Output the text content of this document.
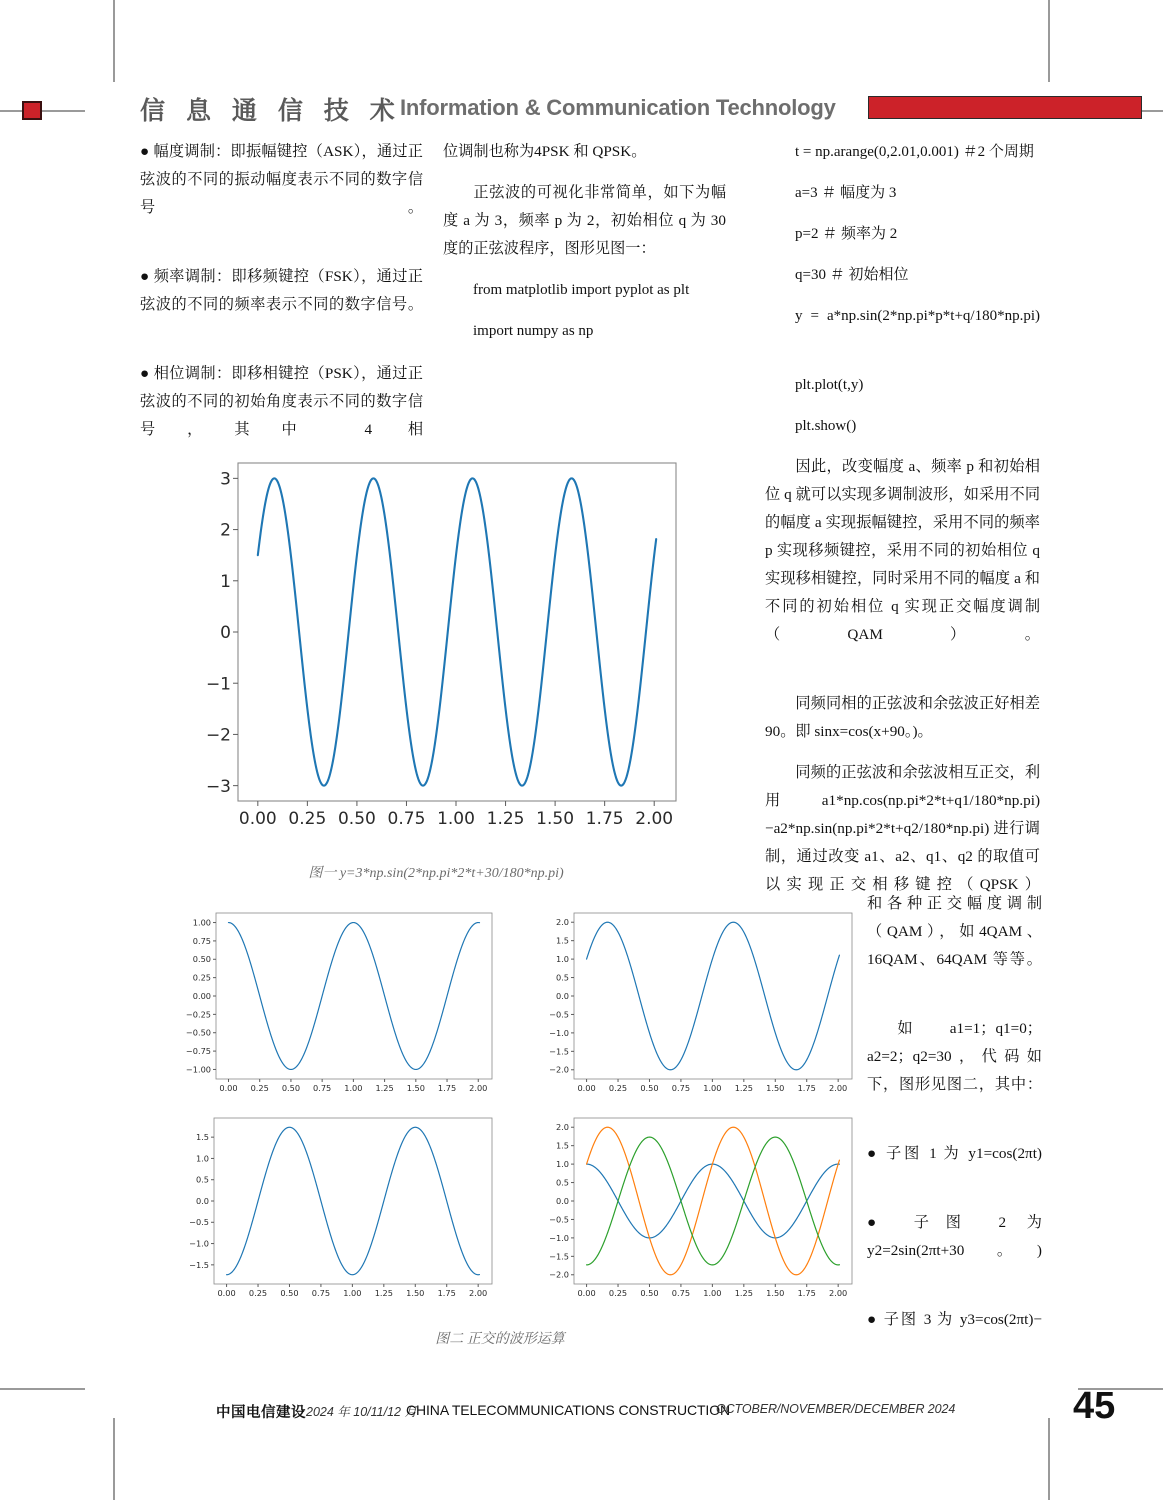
信 息 通 信 技 术
Information & Communication Technology

● 幅度调制：即振幅键控（ASK），通过正弦波的不同的振动幅度表示不同的数字信号。

● 频率调制：即移频键控（FSK），通过正弦波的不同的频率表示不同的数字信号。

● 相位调制：即移相键控（PSK），通过正弦波的不同的初始角度表示不同的数字信号，其中 4 相

位调制也称为4PSK 和 QPSK。

正弦波的可视化非常简单，如下为幅度 a 为 3，频率 p 为 2，初始相位 q 为 30 度的正弦波程序，图形见图一：

from matplotlib import pyplot as plt

import numpy as np

t = np.arange(0,2.01,0.001) ＃2 个周期

a=3 ＃ 幅度为 3

p=2 ＃ 频率为 2

q=30 ＃ 初始相位

y = a*np.sin(2*np.pi*p*t+q/180*np.pi)

plt.plot(t,y)

plt.show()

因此，改变幅度 a、频率 p 和初始相位 q 就可以实现多调制波形，如采用不同的幅度 a 实现振幅键控，采用不同的频率 p 实现移频键控，采用不同的初始相位 q 实现移相键控，同时采用不同的幅度 a 和不同的初始相位 q 实现正交幅度调制（QAM）。

同频同相的正弦波和余弦波正好相差 90。即 sinx=cos(x+90。)。

同频的正弦波和余弦波相互正交，利用 a1*np.cos(np.pi*2*t+q1/180*np.pi)−a2*np.sin(np.pi*2*t+q2/180*np.pi) 进行调制，通过改变 a1、a2、q1、q2 的取值可以实现正交相移键控（QPSK）

和各种正交幅度调制（QAM），如4QAM、16QAM、64QAM 等等。

如 a1=1；q1=0；a2=2；q2=30，代码如下，图形见图二，其中：

● 子图 1 为 y1=cos(2πt)

● 子图 2 为 y2=2sin(2πt+30。)

● 子图 3 为 y3=cos(2πt)−

0.00 0.25 0.50 0.75 1.00 1.25 1.50 1.75 2.00
3
2
1
0
−1
−2
−3
图一 y=3*np.sin(2*np.pi*2*t+30/180*np.pi)
0.00 0.25 0.50 0.75 1.00 1.25 1.50 1.75 2.00
1.00
0.75
0.50
0.25
0.00
−0.25
−0.50
−0.75
−1.00
0.00 0.25 0.50 0.75 1.00 1.25 1.50 1.75 2.00
2.0
1.5
1.0
0.5
0.0
−0.5
−1.0
−1.5
−2.0
0.00 0.25 0.50 0.75 1.00 1.25 1.50 1.75 2.00
1.5
1.0
0.5
0.0
−0.5
−1.0
−1.5
0.00 0.25 0.50 0.75 1.00 1.25 1.50 1.75 2.00
2.0
1.5
1.0
0.5
0.0
−0.5
−1.0
−1.5
−2.0
图二 正交的波形运算
中国电信建设 2024 年 10/11/12 月
CHINA TELECOMMUNICATIONS CONSTRUCTION
OCTOBER/NOVEMBER/DECEMBER 2024	45
